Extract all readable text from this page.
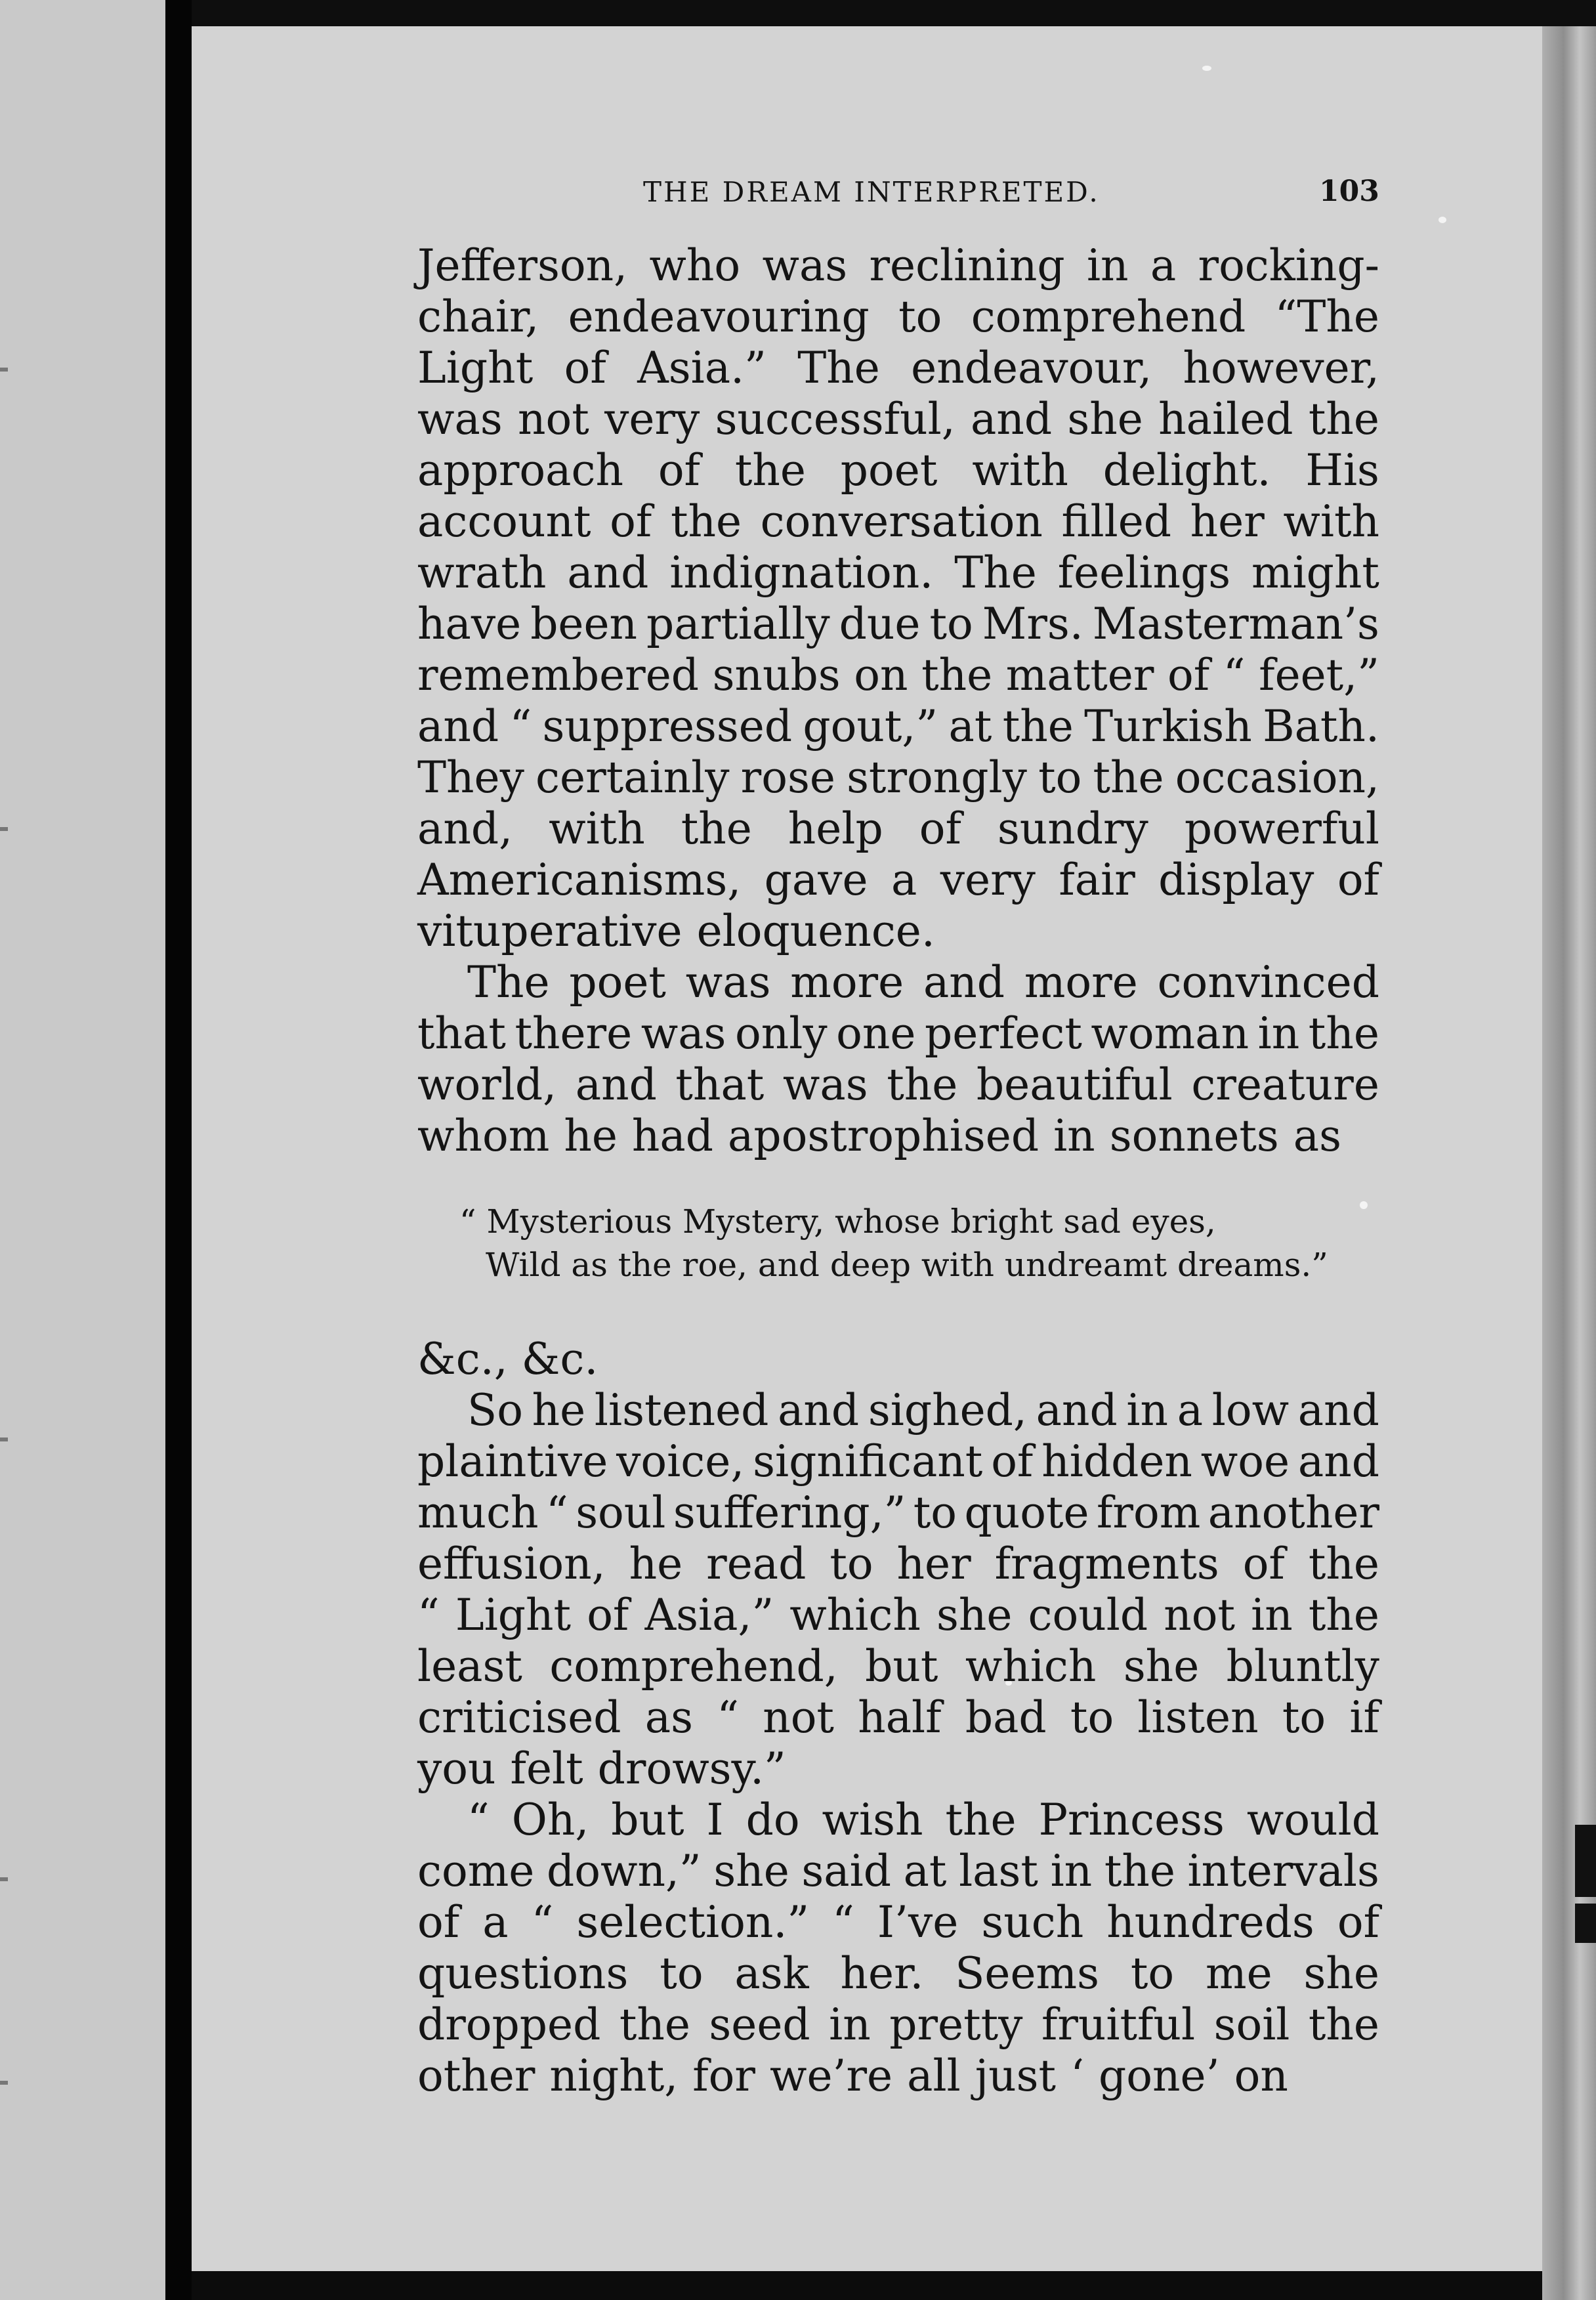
THE DREAM INTERPRETED.	103
Jefferson, who was reclining in a rocking-
chair, endeavouring to comprehend “The
Light of Asia.” The endeavour, however,
was not very successful, and she hailed the
approach of the poet with delight. His
account of the conversation filled her with
wrath and indignation. The feelings might
have been partially due to Mrs. Masterman’s
remembered snubs on the matter of “ feet,”
and “ suppressed gout,” at the Turkish Bath.
They certainly rose strongly to the occasion,
and, with the help of sundry powerful
Americanisms, gave a very fair display of
vituperative eloquence.
The poet was more and more convinced
that there was only one perfect woman in the
world, and that was the beautiful creature
whom he had apostrophised in sonnets as
“ Mysterious Mystery, whose bright sad eyes,
Wild as the roe, and deep with undreamt dreams.”
&c., &c.
So he listened and sighed, and in a low and
plaintive voice, significant of hidden woe and
much “ soul suffering,” to quote from another
effusion, he read to her fragments of the
“ Light of Asia,” which she could not in the
least comprehend, but which she bluntly
criticised as “ not half bad to listen to if
you felt drowsy.”
“ Oh, but I do wish the Princess would
come down,” she said at last in the intervals
of a “ selection.” “ I’ve such hundreds of
questions to ask her. Seems to me she
dropped the seed in pretty fruitful soil the
other night, for we’re all just ‘ gone’ on
